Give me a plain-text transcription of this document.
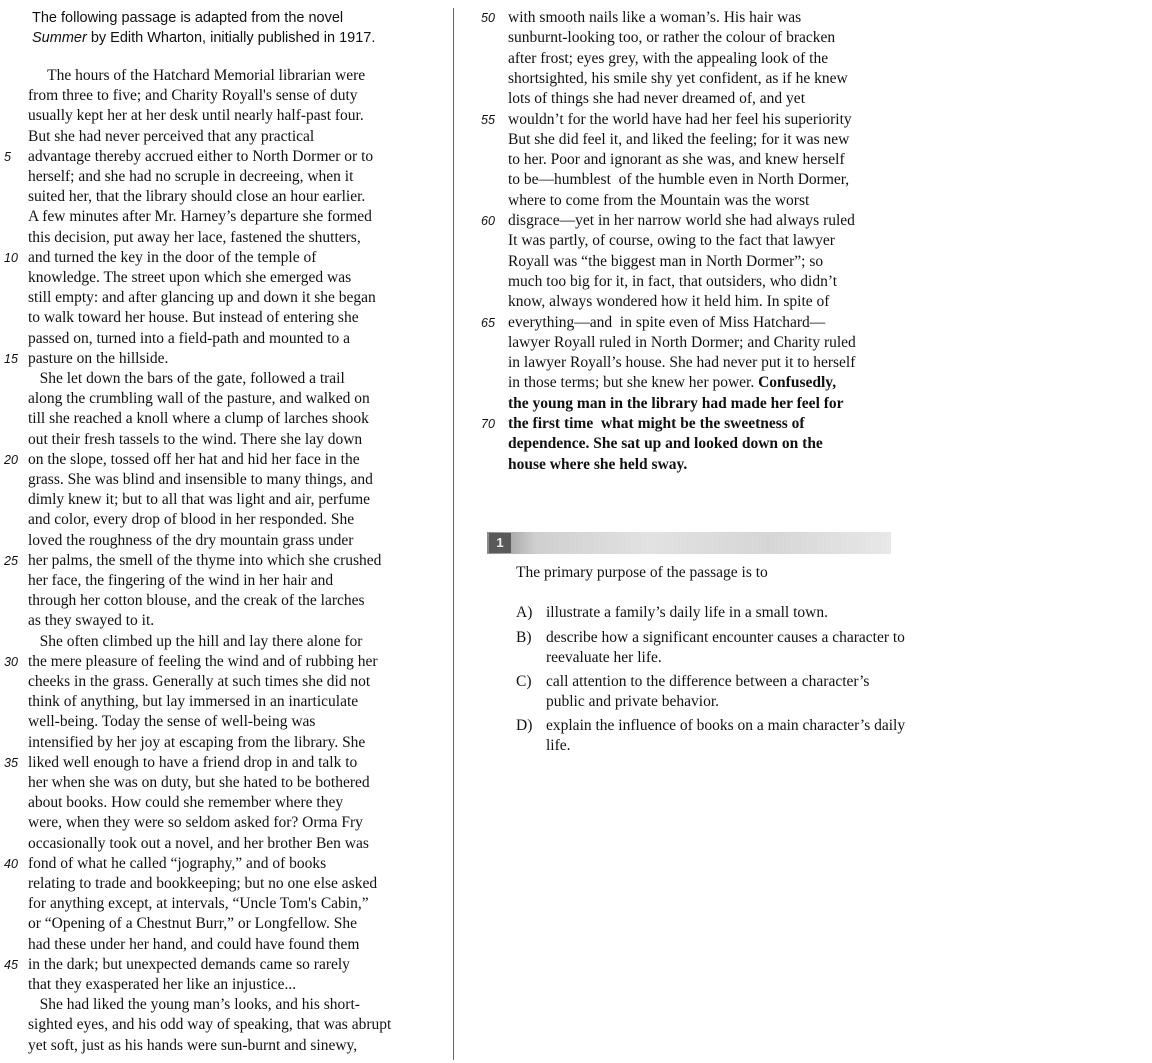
The following passage is adapted from the novel
Summer by Edith Wharton, initially published in 1917.
The hours of the Hatchard Memorial librarian were
from three to five; and Charity Royall's sense of duty
usually kept her at her desk until nearly half-past four.
But she had never perceived that any practical
5 advantage thereby accrued either to North Dormer or to
herself; and she had no scruple in decreeing, when it
suited her, that the library should close an hour earlier.
A few minutes after Mr. Harney’s departure she formed
this decision, put away her lace, fastened the shutters,
10 and turned the key in the door of the temple of
knowledge. The street upon which she emerged was
still empty: and after glancing up and down it she began
to walk toward her house. But instead of entering she
passed on, turned into a field-path and mounted to a
15 pasture on the hillside.
She let down the bars of the gate, followed a trail
along the crumbling wall of the pasture, and walked on
till she reached a knoll where a clump of larches shook
out their fresh tassels to the wind. There she lay down
20 on the slope, tossed off her hat and hid her face in the
grass. She was blind and insensible to many things, and
dimly knew it; but to all that was light and air, perfume
and color, every drop of blood in her responded. She
loved the roughness of the dry mountain grass under
25 her palms, the smell of the thyme into which she crushed
her face, the fingering of the wind in her hair and
through her cotton blouse, and the creak of the larches
as they swayed to it.
She often climbed up the hill and lay there alone for
30 the mere pleasure of feeling the wind and of rubbing her
cheeks in the grass. Generally at such times she did not
think of anything, but lay immersed in an inarticulate
well-being. Today the sense of well-being was
intensified by her joy at escaping from the library. She
35 liked well enough to have a friend drop in and talk to
her when she was on duty, but she hated to be bothered
about books. How could she remember where they
were, when they were so seldom asked for? Orma Fry
occasionally took out a novel, and her brother Ben was
40 fond of what he called “jography,” and of books
relating to trade and bookkeeping; but no one else asked
for anything except, at intervals, “Uncle Tom's Cabin,”
or “Opening of a Chestnut Burr,” or Longfellow. She
had these under her hand, and could have found them
45 in the dark; but unexpected demands came so rarely
that they exasperated her like an injustice...
She had liked the young man’s looks, and his short-
sighted eyes, and his odd way of speaking, that was abrupt
yet soft, just as his hands were sun-burnt and sinewy,
50 with smooth nails like a woman’s. His hair was
sunburnt-looking too, or rather the colour of bracken
after frost; eyes grey, with the appealing look of the
shortsighted, his smile shy yet confident, as if he knew
lots of things she had never dreamed of, and yet
55 wouldn’t for the world have had her feel his superiority
But she did feel it, and liked the feeling; for it was new
to her. Poor and ignorant as she was, and knew herself
to be—humblest  of the humble even in North Dormer,
where to come from the Mountain was the worst
60 disgrace—yet in her narrow world she had always ruled
It was partly, of course, owing to the fact that lawyer
Royall was “the biggest man in North Dormer”; so
much too big for it, in fact, that outsiders, who didn’t
know, always wondered how it held him. In spite of
65 everything—and  in spite even of Miss Hatchard—
lawyer Royall ruled in North Dormer; and Charity ruled
in lawyer Royall’s house. She had never put it to herself
in those terms; but she knew her power. Confusedly,
the young man in the library had made her feel for
70 the first time  what might be the sweetness of
dependence. She sat up and looked down on the
house where she held sway.
1
The primary purpose of the passage is to
A) illustrate a family’s daily life in a small town.
B) describe how a significant encounter causes a character to reevaluate her life.
C) call attention to the difference between a character’s public and private behavior.
D) explain the influence of books on a main character’s daily life.
